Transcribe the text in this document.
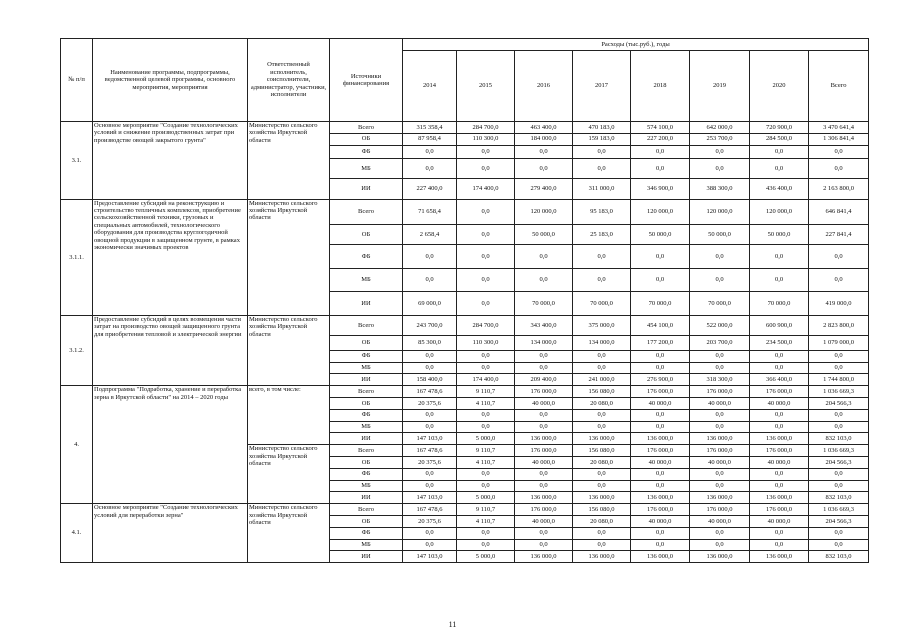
№ п/п	Наименование программы, подпрограммы, ведомственной целевой программы, основного мероприятия, мероприятия	Ответственный исполнитель, соисполнители, администратор, участники, исполнители	Источники финансирования	Расходы (тыс.руб.), годы							
				2014	2015	2016	2017	2018	2019	2020	Всего
3.1.	Основное мероприятие "Создание технологических условий и снижение производственных затрат при производстве овощей закрытого грунта"	Министерство сельского хозяйства Иркутской области	Всего	315 358,4	284 700,0	463 400,0	470 183,0	574 100,0	642 000,0	720 900,0	3 470 641,4
			ОБ	87 958,4	110 300,0	184 000,0	159 183,0	227 200,0	253 700,0	284 500,0	1 306 841,4
			ФБ	0,0	0,0	0,0	0,0	0,0	0,0	0,0	0,0
			МБ	0,0	0,0	0,0	0,0	0,0	0,0	0,0	0,0
			ИИ	227 400,0	174 400,0	279 400,0	311 000,0	346 900,0	388 300,0	436 400,0	2 163 800,0
3.1.1.	Предоставление субсидий на реконструкцию и строительство тепличных комплексов, приобретение сельскохозяйственной техники, грузовых и специальных автомобилей, технологического оборудования для производства круглогодичной овощной продукции в защищенном грунте, в рамках экономически значимых проектов	Министерство сельского хозяйства Иркутской области	Всего	71 658,4	0,0	120 000,0	95 183,0	120 000,0	120 000,0	120 000,0	646 841,4
			ОБ	2 658,4	0,0	50 000,0	25 183,0	50 000,0	50 000,0	50 000,0	227 841,4
			ФБ	0,0	0,0	0,0	0,0	0,0	0,0	0,0	0,0
			МБ	0,0	0,0	0,0	0,0	0,0	0,0	0,0	0,0
			ИИ	69 000,0	0,0	70 000,0	70 000,0	70 000,0	70 000,0	70 000,0	419 000,0
3.1.2.	Предоставление субсидий в целях возмещения части затрат на производство овощей защищенного грунта для приобретения тепловой и электрической энергии	Министерство сельского хозяйства Иркутской области	Всего	243 700,0	284 700,0	343 400,0	375 000,0	454 100,0	522 000,0	600 900,0	2 823 800,0
			ОБ	85 300,0	110 300,0	134 000,0	134 000,0	177 200,0	203 700,0	234 500,0	1 079 000,0
			ФБ	0,0	0,0	0,0	0,0	0,0	0,0	0,0	0,0
			МБ	0,0	0,0	0,0	0,0	0,0	0,0	0,0	0,0
			ИИ	158 400,0	174 400,0	209 400,0	241 000,0	276 900,0	318 300,0	366 400,0	1 744 800,0
4.	Подпрограмма "Подработка, хранение и переработка зерна в Иркутской области" на 2014 – 2020 годы	всего, в том числе:	Всего	167 478,6	9 110,7	176 000,0	156 080,0	176 000,0	176 000,0	176 000,0	1 036 669,3
			ОБ	20 375,6	4 110,7	40 000,0	20 080,0	40 000,0	40 000,0	40 000,0	204 566,3
			ФБ	0,0	0,0	0,0	0,0	0,0	0,0	0,0	0,0
			МБ	0,0	0,0	0,0	0,0	0,0	0,0	0,0	0,0
			ИИ	147 103,0	5 000,0	136 000,0	136 000,0	136 000,0	136 000,0	136 000,0	832 103,0
		Министерство сельского хозяйства Иркутской области	Всего	167 478,6	9 110,7	176 000,0	156 080,0	176 000,0	176 000,0	176 000,0	1 036 669,3
			ОБ	20 375,6	4 110,7	40 000,0	20 080,0	40 000,0	40 000,0	40 000,0	204 566,3
			ФБ	0,0	0,0	0,0	0,0	0,0	0,0	0,0	0,0
			МБ	0,0	0,0	0,0	0,0	0,0	0,0	0,0	0,0
			ИИ	147 103,0	5 000,0	136 000,0	136 000,0	136 000,0	136 000,0	136 000,0	832 103,0
4.1.	Основное мероприятие "Создание технологических условий для переработки зерна"	Министерство сельского хозяйства Иркутской области	Всего	167 478,6	9 110,7	176 000,0	156 080,0	176 000,0	176 000,0	176 000,0	1 036 669,3
			ОБ	20 375,6	4 110,7	40 000,0	20 080,0	40 000,0	40 000,0	40 000,0	204 566,3
			ФБ	0,0	0,0	0,0	0,0	0,0	0,0	0,0	0,0
			МБ	0,0	0,0	0,0	0,0	0,0	0,0	0,0	0,0
			ИИ	147 103,0	5 000,0	136 000,0	136 000,0	136 000,0	136 000,0	136 000,0	832 103,0
11
